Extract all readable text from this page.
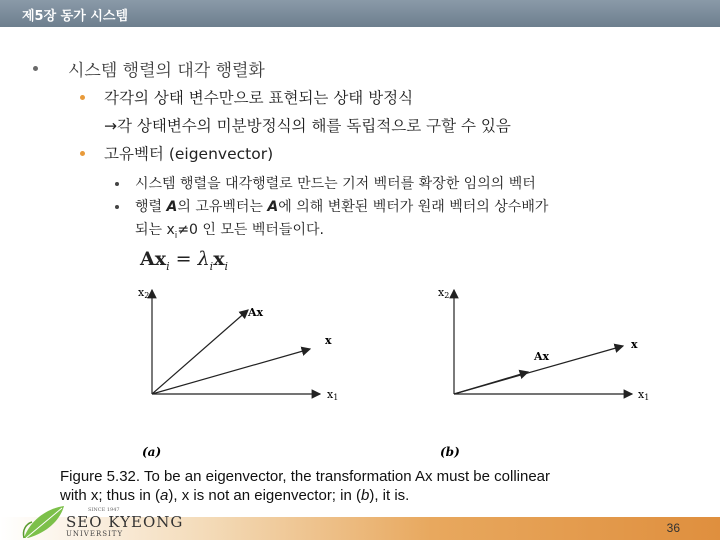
제5장 동가 시스템
시스템 행렬의 대각 행렬화
각각의 상태 변수만으로 표현되는 상태 방정식
→각 상태변수의 미분방정식의 해를 독립적으로 구할 수 있음
고유벡터 (eigenvector)
시스템 행렬을 대각행렬로 만드는 기저 벡터를 확장한 임의의 벡터
행렬 A의 고유벡터는 A에 의해 변환된 벡터가 원래 벡터의 상수배가
되는 $x_i\ne 0$ 인 모든 벡터들이다.
$Ax_i = \lambda_ix_i$
x2
x1
Ax
x
(a)
x2
x1
Ax
x
(b)
Figure 5.32. To be an eigenvector, the transformation Ax must be collinear
with x; thus in (a), x is not an eigenvector; in (b), it is.
SINCE 1947
SEO KYEONG
UNIVERSITY	36
